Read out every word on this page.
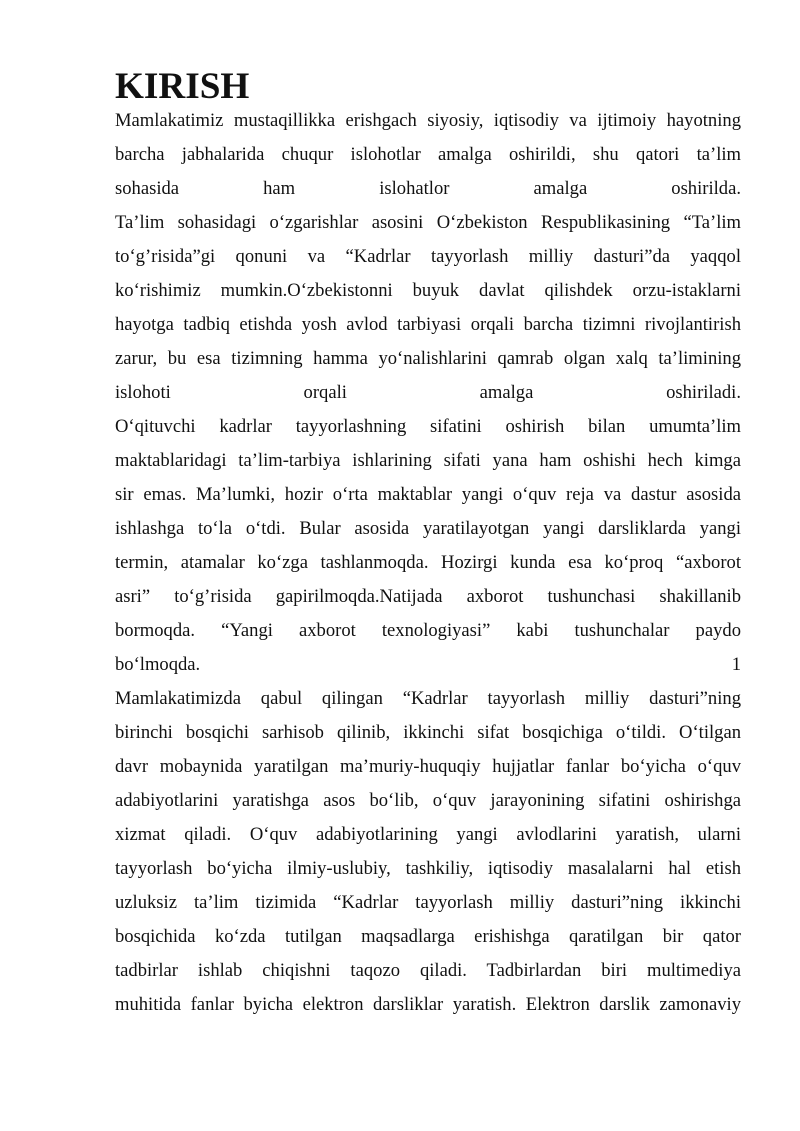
KIRISH
Mamlakatimiz mustaqillikka erishgach siyosiy, iqtisodiy va ijtimoiy hayotning
barcha jabhalarida chuqur islohotlar amalga oshirildi, shu qatori ta’lim
sohasida ham islohatlor amalga oshirilda.
Ta’lim sohasidagi o‘zgarishlar asosini O‘zbekiston Respublikasining “Ta’lim
to‘g’risida”gi qonuni va “Kadrlar tayyorlash milliy dasturi”da yaqqol
ko‘rishimiz mumkin.O‘zbekistonni buyuk davlat qilishdek orzu-istaklarni
hayotga tadbiq etishda yosh avlod tarbiyasi orqali barcha tizimni rivojlantirish
zarur, bu esa tizimning hamma yo‘nalishlarini qamrab olgan xalq ta’limining
islohoti orqali amalga oshiriladi.
O‘qituvchi kadrlar tayyorlashning sifatini oshirish bilan umumta’lim
maktablaridagi ta’lim-tarbiya ishlarining sifati yana ham oshishi hech kimga
sir emas. Ma’lumki, hozir o‘rta maktablar yangi o‘quv reja va dastur asosida
ishlashga to‘la o‘tdi. Bular asosida yaratilayotgan yangi darsliklarda yangi
termin, atamalar ko‘zga tashlanmoqda. Hozirgi kunda esa ko‘proq “axborot
asri” to‘g’risida gapirilmoqda.Natijada axborot tushunchasi shakillanib
bormoqda. “Yangi axborot texnologiyasi” kabi tushunchalar paydo
bo‘lmoqda.	1
Mamlakatimizda qabul qilingan “Kadrlar tayyorlash milliy dasturi”ning
birinchi bosqichi sarhisob qilinib, ikkinchi sifat bosqichiga o‘tildi. O‘tilgan
davr mobaynida yaratilgan ma’muriy-huquqiy hujjatlar fanlar bo‘yicha o‘quv
adabiyotlarini yaratishga asos bo‘lib, o‘quv jarayonining sifatini oshirishga
xizmat qiladi. O‘quv adabiyotlarining yangi avlodlarini yaratish, ularni
tayyorlash bo‘yicha ilmiy-uslubiy, tashkiliy, iqtisodiy masalalarni hal etish
uzluksiz ta’lim tizimida “Kadrlar tayyorlash milliy dasturi”ning ikkinchi
bosqichida ko‘zda tutilgan maqsadlarga erishishga qaratilgan bir qator
tadbirlar ishlab chiqishni taqozo qiladi. Tadbirlardan biri multimediya
muhitida fanlar byicha elektron darsliklar yaratish. Elektron darslik zamonaviy
